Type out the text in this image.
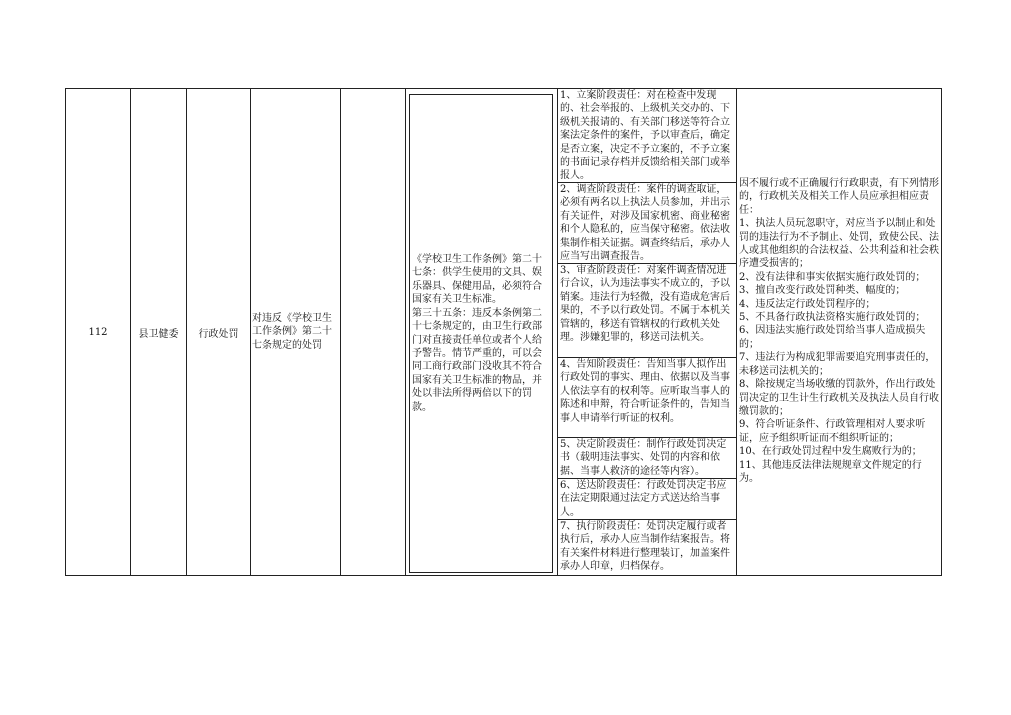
112	县卫健委	行政处罚
对违反《学校卫生工作条例》第二十七条规定的处罚
《学校卫生工作条例》第二十七条：供学生使用的文具、娱乐器具、保健用品，必须符合国家有关卫生标准。
第三十五条：违反本条例第二十七条规定的，由卫生行政部门对直接责任单位或者个人给予警告。情节严重的，可以会同工商行政部门没收其不符合国家有关卫生标准的物品，并处以非法所得两倍以下的罚款。
1、立案阶段责任：对在检查中发现的、社会举报的、上级机关交办的、下级机关报请的、有关部门移送等符合立案法定条件的案件，予以审查后，确定是否立案，决定不予立案的，不予立案的书面记录存档并反馈给相关部门或举报人。
2、调查阶段责任：案件的调查取证，必须有两名以上执法人员参加，并出示有关证件，对涉及国家机密、商业秘密和个人隐私的，应当保守秘密。依法收集制作相关证据。调查终结后，承办人应当写出调查报告。
3、审查阶段责任：对案件调查情况进行合议，认为违法事实不成立的，予以销案。违法行为轻微，没有造成危害后果的，不予以行政处罚。不属于本机关管辖的，移送有管辖权的行政机关处理。涉嫌犯罪的，移送司法机关。
4、告知阶段责任：告知当事人拟作出行政处罚的事实、理由、依据以及当事人依法享有的权利等。应听取当事人的陈述和申辩，符合听证条件的，告知当事人申请举行听证的权利。
5、决定阶段责任：制作行政处罚决定书（载明违法事实、处罚的内容和依据、当事人救济的途径等内容）。
6、送达阶段责任：行政处罚决定书应在法定期限通过法定方式送达给当事人。
7、执行阶段责任：处罚决定履行或者执行后，承办人应当制作结案报告。将有关案件材料进行整理装订，加盖案件承办人印章，归档保存。
因不履行或不正确履行行政职责，有下列情形的，行政机关及相关工作人员应承担相应责任：
1、执法人员玩忽职守，对应当予以制止和处罚的违法行为不予制止、处罚，致使公民、法人或其他组织的合法权益、公共利益和社会秩序遭受损害的；
2、没有法律和事实依据实施行政处罚的；
3、擅自改变行政处罚种类、幅度的；
4、违反法定行政处罚程序的；
5、不具备行政执法资格实施行政处罚的；
6、因违法实施行政处罚给当事人造成损失的；
7、违法行为构成犯罪需要追究刑事责任的，未移送司法机关的；
8、除按规定当场收缴的罚款外，作出行政处罚决定的卫生计生行政机关及执法人员自行收缴罚款的；
9、符合听证条件、行政管理相对人要求听证，应予组织听证而不组织听证的；
10、在行政处罚过程中发生腐败行为的；
11、其他违反法律法规规章文件规定的行为。
